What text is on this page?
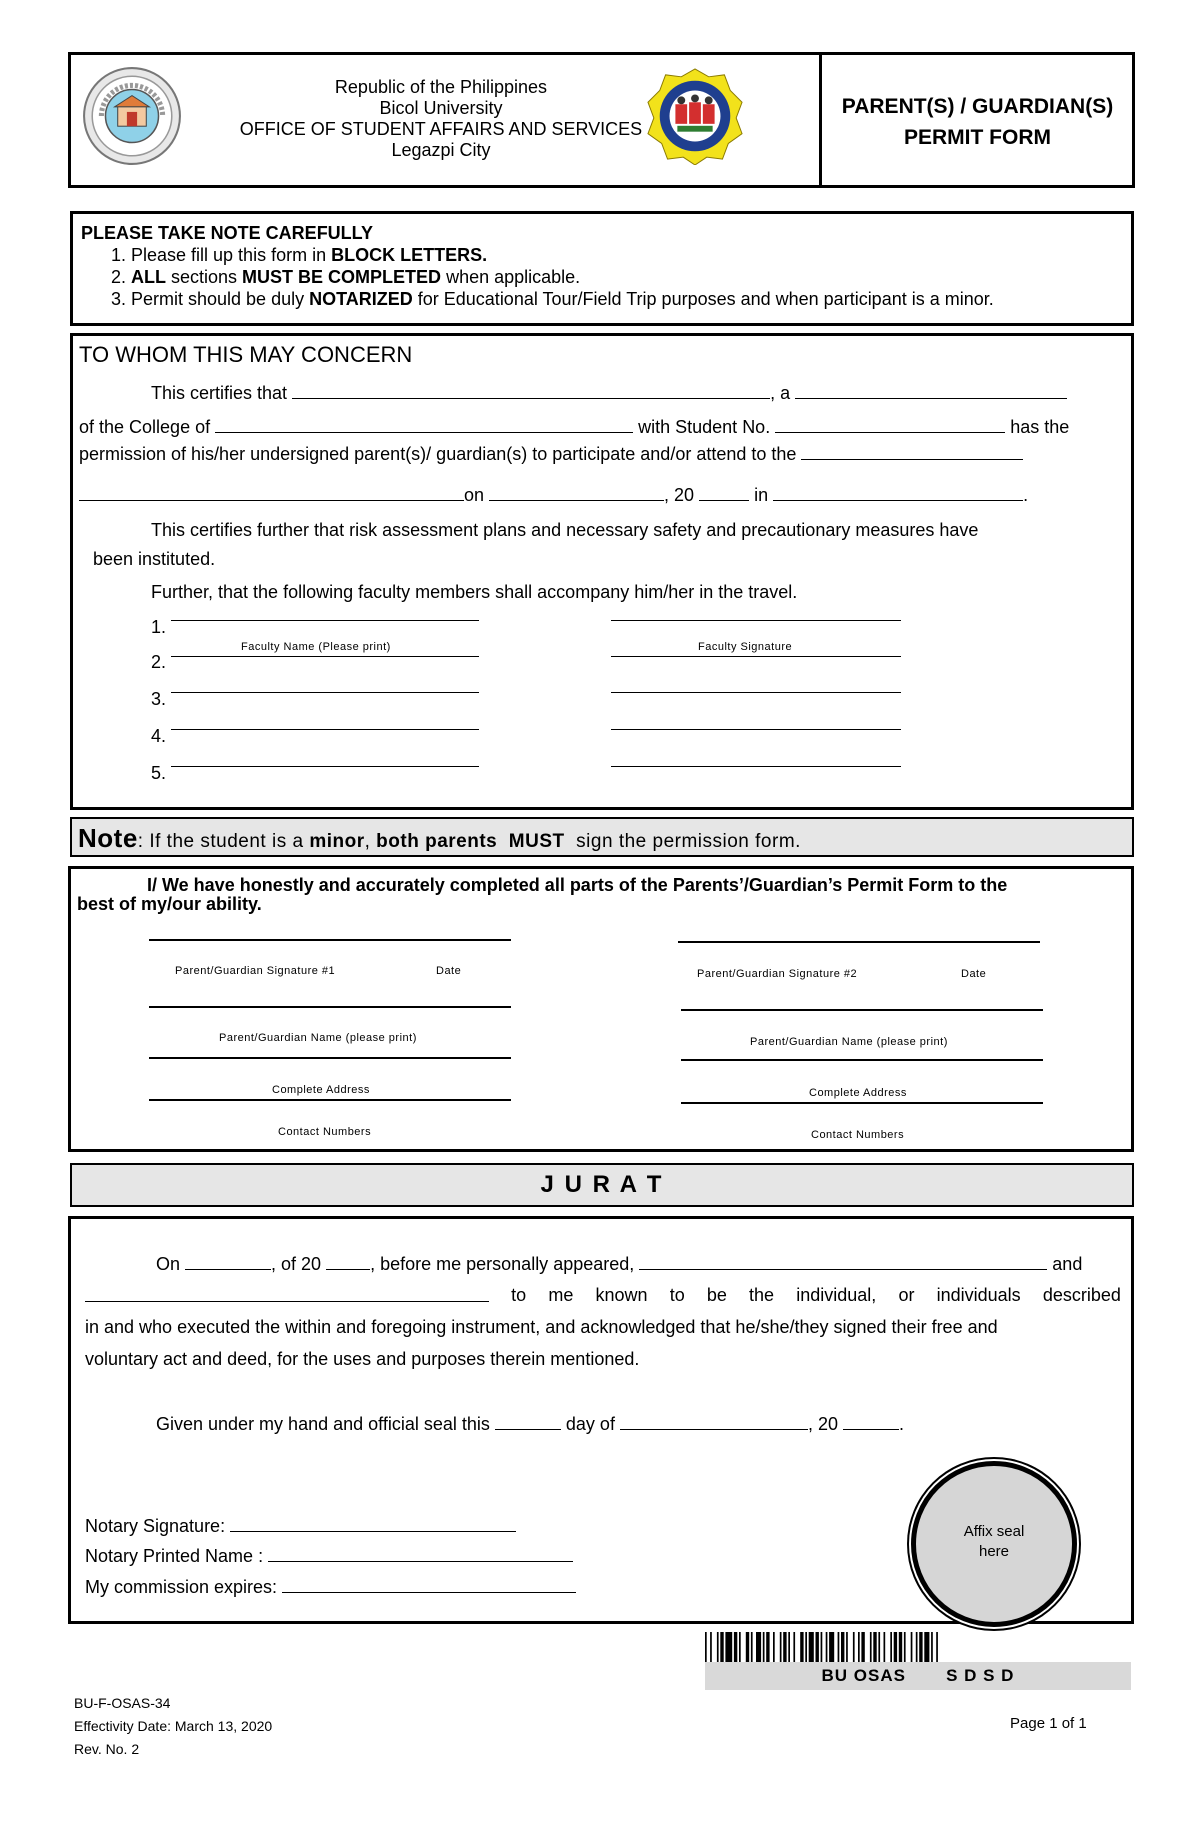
Republic of the Philippines
Bicol University
OFFICE OF STUDENT AFFAIRS AND SERVICES
Legazpi City
PARENT(S) / GUARDIAN(S)
PERMIT FORM
PLEASE TAKE NOTE CAREFULLY
1. Please fill up this form in BLOCK LETTERS.
2. ALL sections MUST BE COMPLETED when applicable.
3. Permit should be duly NOTARIZED for Educational Tour/Field Trip purposes and when participant is a minor.
TO WHOM THIS MAY CONCERN
This certifies that	, a
of the College of	with Student No.	has the
permission of his/her undersigned parent(s)/ guardian(s) to participate and/or attend to the
on	, 20	in	.
This certifies further that risk assessment plans and necessary safety and precautionary measures have
been instituted.
Further, that the following faculty members shall accompany him/her in the travel.
1.
Faculty Name (Please print)	Faculty Signature
2.
3.
4.
5.
Note: If the student is a minor, both parents MUST  sign the permission form.
I/ We have honestly and accurately completed all parts of the Parents’/Guardian’s Permit Form to the
best of my/our ability.
Parent/Guardian Signature #1	Date
Parent/Guardian Name (please print)
Complete Address
Contact Numbers
Parent/Guardian Signature #2	Date
Parent/Guardian Name (please print)
Complete Address
Contact Numbers
J U R A T
On	, of 20	, before me personally appeared,	and
to me known to be the individual, or individuals described
in and who executed the within and foregoing instrument, and acknowledged that he/she/they signed their free and
voluntary act and deed, for the uses and purposes therein mentioned.
Given under my hand and official seal this	day of	, 20	.
Notary Signature:
Notary Printed Name :
My commission expires:
Affix seal
here
BU OSAS S D S D
BU-F-OSAS-34
Effectivity Date: March 13, 2020
Rev. No. 2
Page 1 of 1
